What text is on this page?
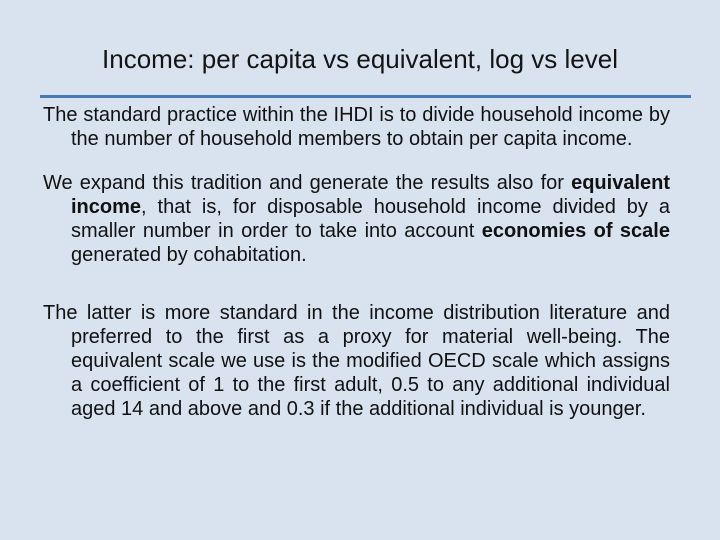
Income: per capita vs equivalent, log vs level

The standard practice within the IHDI is to divide household income by the number of household members to obtain per capita income.

We expand this tradition and generate the results also for equivalent income, that is, for disposable household income divided by a smaller number in order to take into account economies of scale generated by cohabitation.

The latter is more standard in the income distribution literature and preferred to the first as a proxy for material well-being. The equivalent scale we use is the modified OECD scale which assigns a coefficient of 1 to the first adult, 0.5 to any additional individual aged 14 and above and 0.3 if the additional individual is younger.
